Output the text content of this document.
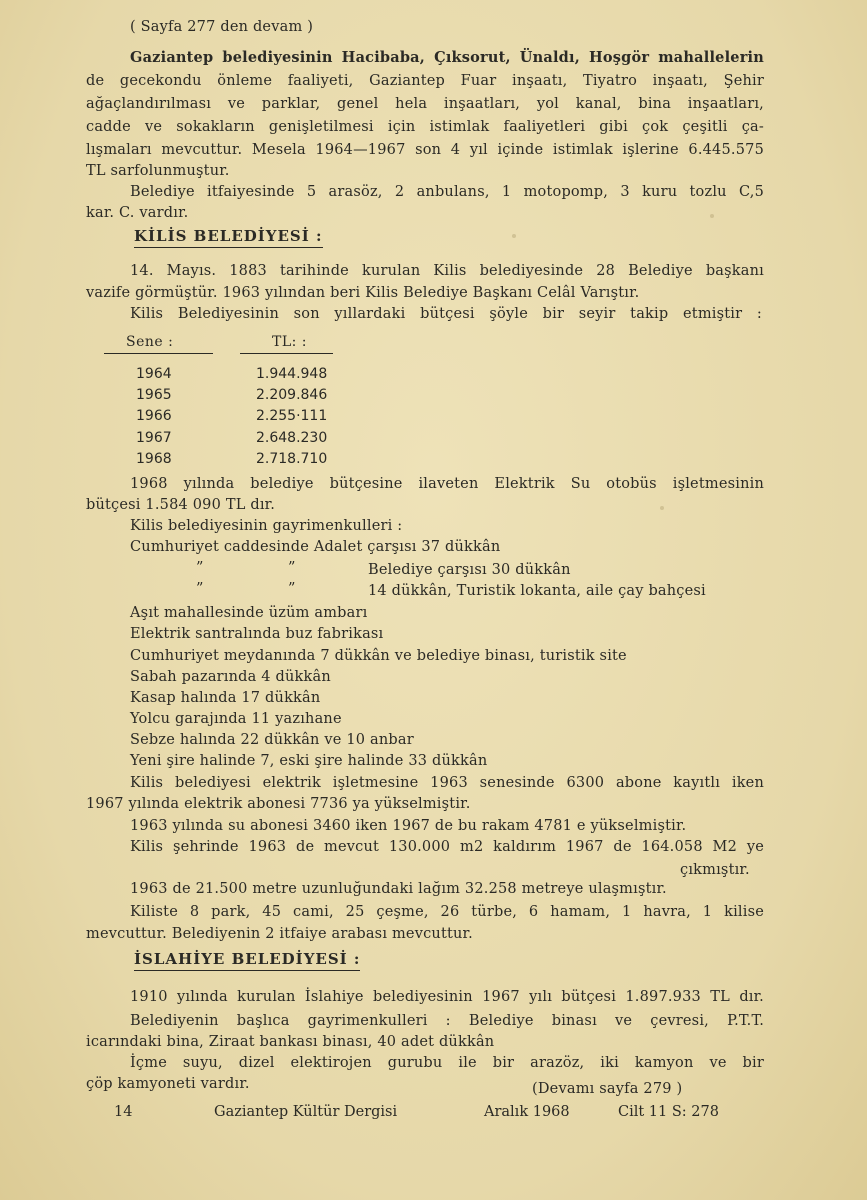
( Sayfa 277 den devam )
Gaziantep belediyesinin Hacibaba, Çıksorut, Ünaldı, Hoşgör mahallelerin
de gecekondu önleme faaliyeti, Gaziantep Fuar inşaatı, Tiyatro inşaatı, Şehir
ağaçlandırılması ve parklar, genel hela inşaatları, yol kanal, bina inşaatları,
cadde ve sokakların genişletilmesi için istimlak faaliyetleri gibi çok çeşitli ça-
lışmaları mevcuttur. Mesela 1964—1967 son 4 yıl içinde istimlak işlerine 6.445.575
TL sarfolunmuştur.
Belediye itfaiyesinde 5 arasöz, 2 anbulans, 1 motopomp, 3 kuru tozlu C,5
kar. C. vardır.
KİLİS BELEDİYESİ :
14. Mayıs. 1883 tarihinde kurulan Kilis belediyesinde 28 Belediye başkanı
vazife görmüştür. 1963 yılından beri Kilis Belediye Başkanı Celâl Varıştır.
Kilis Belediyesinin son yıllardaki bütçesi şöyle bir seyir takip etmiştir :
Sene :	TL: :
1964	1.944.948
1965	2.209.846
1966	2.255·111
1967	2.648.230
1968	2.718.710
1968 yılında belediye bütçesine ilaveten Elektrik Su otobüs işletmesinin
bütçesi 1.584 090 TL dır.
Kilis belediyesinin gayrimenkulleri :
Cumhuriyet caddesinde Adalet çarşısı 37 dükkân
”	”	Belediye çarşısı 30 dükkân
”	”	14 dükkân, Turistik lokanta, aile çay bahçesi
Aşıt mahallesinde üzüm ambarı
Elektrik santralında buz fabrikası
Cumhuriyet meydanında 7 dükkân ve belediye binası, turistik site
Sabah pazarında 4 dükkân
Kasap halında 17 dükkân
Yolcu garajında 11 yazıhane
Sebze halında 22 dükkân ve 10 anbar
Yeni şire halinde 7, eski şire halinde 33 dükkân
Kilis belediyesi elektrik işletmesine 1963 senesinde 6300 abone kayıtlı iken
1967 yılında elektrik abonesi 7736 ya yükselmiştir.
1963 yılında su abonesi 3460 iken 1967 de bu rakam 4781 e yükselmiştir.
Kilis şehrinde 1963 de mevcut 130.000 m2 kaldırım 1967 de 164.058 M2 ye
çıkmıştır.
1963 de 21.500 metre uzunluğundaki lağım 32.258 metreye ulaşmıştır.
Kiliste 8 park, 45 cami, 25 çeşme, 26 türbe, 6 hamam, 1 havra, 1 kilise
mevcuttur. Belediyenin 2 itfaiye arabası mevcuttur.
İSLAHİYE BELEDİYESİ :
1910 yılında kurulan İslahiye belediyesinin 1967 yılı bütçesi 1.897.933 TL dır.
Belediyenin başlıca gayrimenkulleri : Belediye binası ve çevresi, P.T.T.
icarındaki bina, Ziraat bankası binası, 40 adet dükkân
İçme suyu, dizel elektirojen gurubu ile bir arazöz, iki kamyon ve bir
çöp kamyoneti vardır.	(Devamı sayfa 279 )
14	Gaziantep Kültür Dergisi	Aralık 1968	Cilt 11 S: 278
